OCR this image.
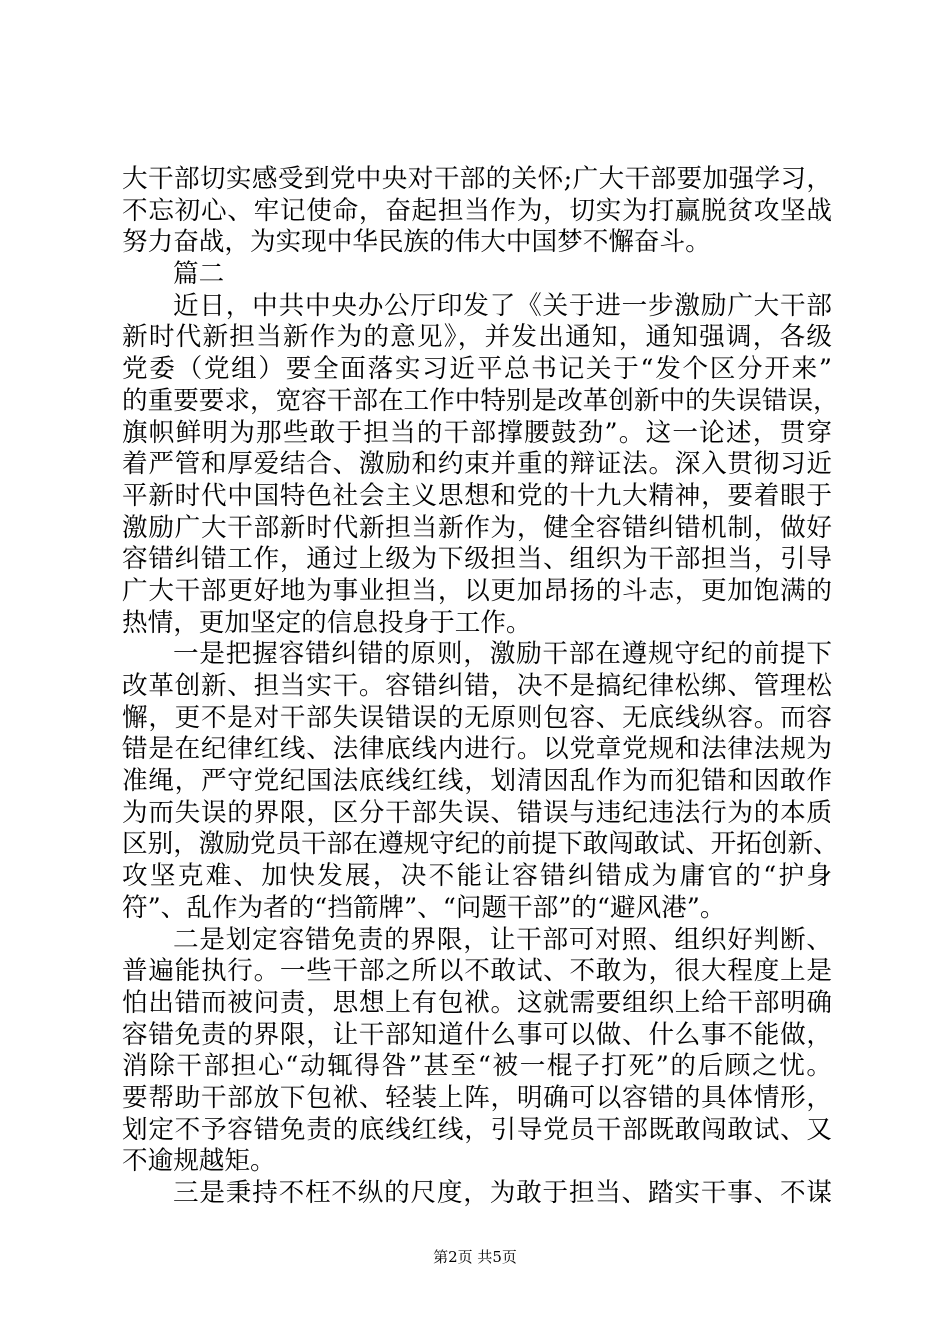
大干部切实感受到党中央对干部的关怀;广大干部要加强学习，
不忘初心、牢记使命，奋起担当作为，切实为打赢脱贫攻坚战
努力奋战，为实现中华民族的伟大中国梦不懈奋斗。
篇二
近日，中共中央办公厅印发了《关于进一步激励广大干部
新时代新担当新作为的意见》，并发出通知，通知强调，各级
党委（党组）要全面落实习近平总书记关于“发个区分开来”
的重要要求，宽容干部在工作中特别是改革创新中的失误错误，
旗帜鲜明为那些敢于担当的干部撑腰鼓劲”。这一论述，贯穿
着严管和厚爱结合、激励和约束并重的辩证法。深入贯彻习近
平新时代中国特色社会主义思想和党的十九大精神，要着眼于
激励广大干部新时代新担当新作为，健全容错纠错机制，做好
容错纠错工作，通过上级为下级担当、组织为干部担当，引导
广大干部更好地为事业担当，以更加昂扬的斗志，更加饱满的
热情，更加坚定的信息投身于工作。
一是把握容错纠错的原则，激励干部在遵规守纪的前提下
改革创新、担当实干。容错纠错，决不是搞纪律松绑、管理松
懈，更不是对干部失误错误的无原则包容、无底线纵容。而容
错是在纪律红线、法律底线内进行。以党章党规和法律法规为
准绳，严守党纪国法底线红线，划清因乱作为而犯错和因敢作
为而失误的界限，区分干部失误、错误与违纪违法行为的本质
区别，激励党员干部在遵规守纪的前提下敢闯敢试、开拓创新、
攻坚克难、加快发展，决不能让容错纠错成为庸官的“护身
符”、乱作为者的“挡箭牌”、“问题干部”的“避风港”。
二是划定容错免责的界限，让干部可对照、组织好判断、
普遍能执行。一些干部之所以不敢试、不敢为，很大程度上是
怕出错而被问责，思想上有包袱。这就需要组织上给干部明确
容错免责的界限，让干部知道什么事可以做、什么事不能做，
消除干部担心“动辄得咎”甚至“被一棍子打死”的后顾之忧。
要帮助干部放下包袱、轻装上阵，明确可以容错的具体情形，
划定不予容错免责的底线红线，引导党员干部既敢闯敢试、又
不逾规越矩。
三是秉持不枉不纵的尺度，为敢于担当、踏实干事、不谋
第2页 共5页
